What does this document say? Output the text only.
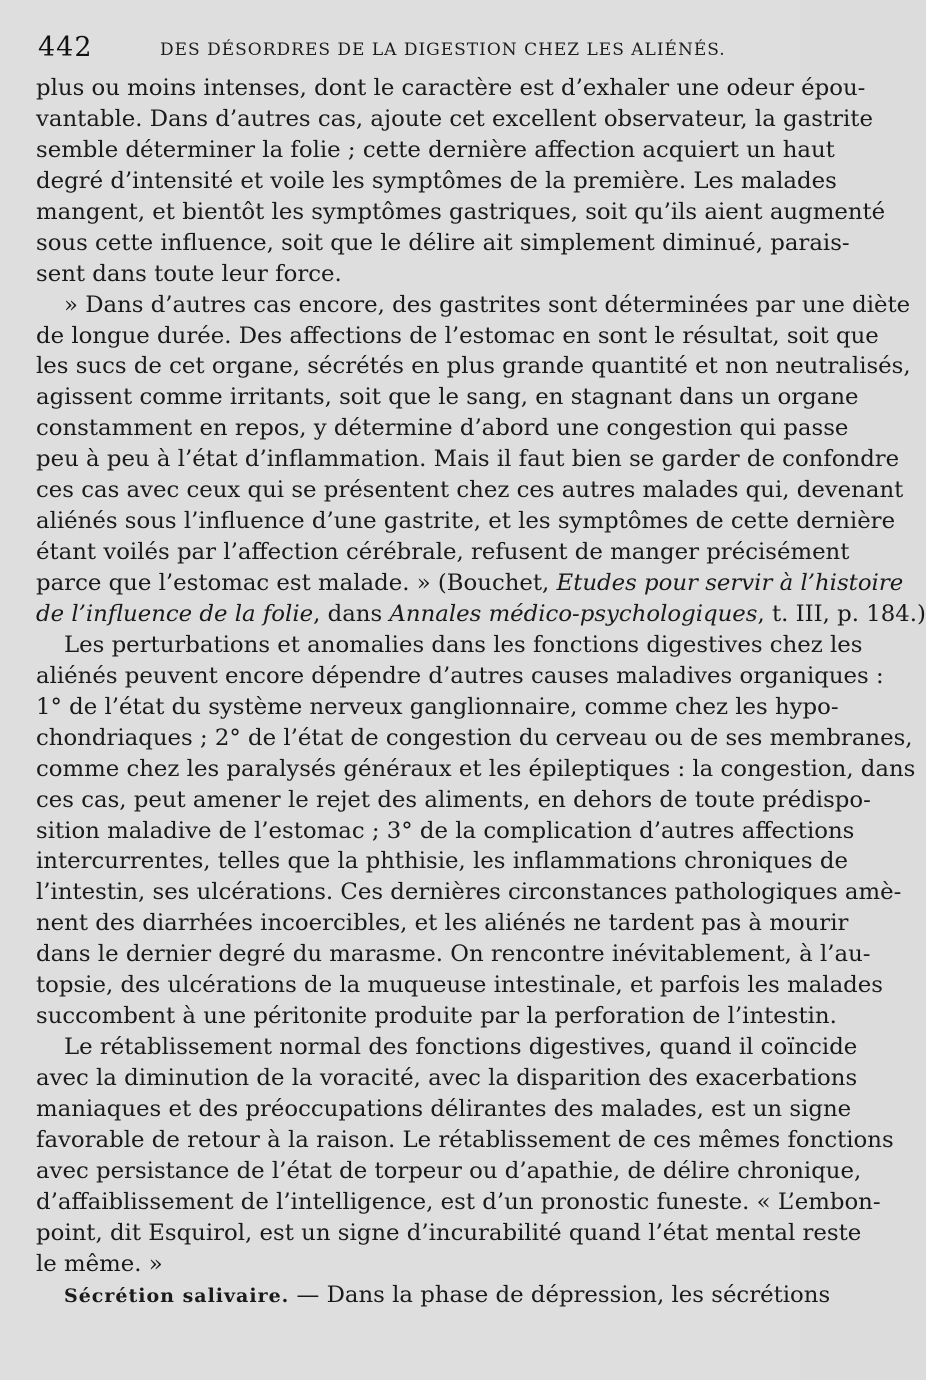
442	DES DÉSORDRES DE LA DIGESTION CHEZ LES ALIÉNÉS.
plus ou moins intenses, dont le caractère est d’exhaler une odeur épou-
vantable. Dans d’autres cas, ajoute cet excellent observateur, la gastrite
semble déterminer la folie ; cette dernière affection acquiert un haut
degré d’intensité et voile les symptômes de la première. Les malades
mangent, et bientôt les symptômes gastriques, soit qu’ils aient augmenté
sous cette influence, soit que le délire ait simplement diminué, parais-
sent dans toute leur force.
» Dans d’autres cas encore, des gastrites sont déterminées par une diète
de longue durée. Des affections de l’estomac en sont le résultat, soit que
les sucs de cet organe, sécrétés en plus grande quantité et non neutralisés,
agissent comme irritants, soit que le sang, en stagnant dans un organe
constamment en repos, y détermine d’abord une congestion qui passe
peu à peu à l’état d’inflammation. Mais il faut bien se garder de confondre
ces cas avec ceux qui se présentent chez ces autres malades qui, devenant
aliénés sous l’influence d’une gastrite, et les symptômes de cette dernière
étant voilés par l’affection cérébrale, refusent de manger précisément
parce que l’estomac est malade. » (Bouchet, Etudes pour servir à l’histoire
de l’influence de la folie, dans Annales médico-psychologiques, t. III, p. 184.)
Les perturbations et anomalies dans les fonctions digestives chez les
aliénés peuvent encore dépendre d’autres causes maladives organiques :
1° de l’état du système nerveux ganglionnaire, comme chez les hypo-
chondriaques ; 2° de l’état de congestion du cerveau ou de ses membranes,
comme chez les paralysés généraux et les épileptiques : la congestion, dans
ces cas, peut amener le rejet des aliments, en dehors de toute prédispo-
sition maladive de l’estomac ; 3° de la complication d’autres affections
intercurrentes, telles que la phthisie, les inflammations chroniques de
l’intestin, ses ulcérations. Ces dernières circonstances pathologiques amè-
nent des diarrhées incoercibles, et les aliénés ne tardent pas à mourir
dans le dernier degré du marasme. On rencontre inévitablement, à l’au-
topsie, des ulcérations de la muqueuse intestinale, et parfois les malades
succombent à une péritonite produite par la perforation de l’intestin.
Le rétablissement normal des fonctions digestives, quand il coïncide
avec la diminution de la voracité, avec la disparition des exacerbations
maniaques et des préoccupations délirantes des malades, est un signe
favorable de retour à la raison. Le rétablissement de ces mêmes fonctions
avec persistance de l’état de torpeur ou d’apathie, de délire chronique,
d’affaiblissement de l’intelligence, est d’un pronostic funeste. « L’embon-
point, dit Esquirol, est un signe d’incurabilité quand l’état mental reste
le même. »
Sécrétion salivaire. — Dans la phase de dépression, les sécrétions
